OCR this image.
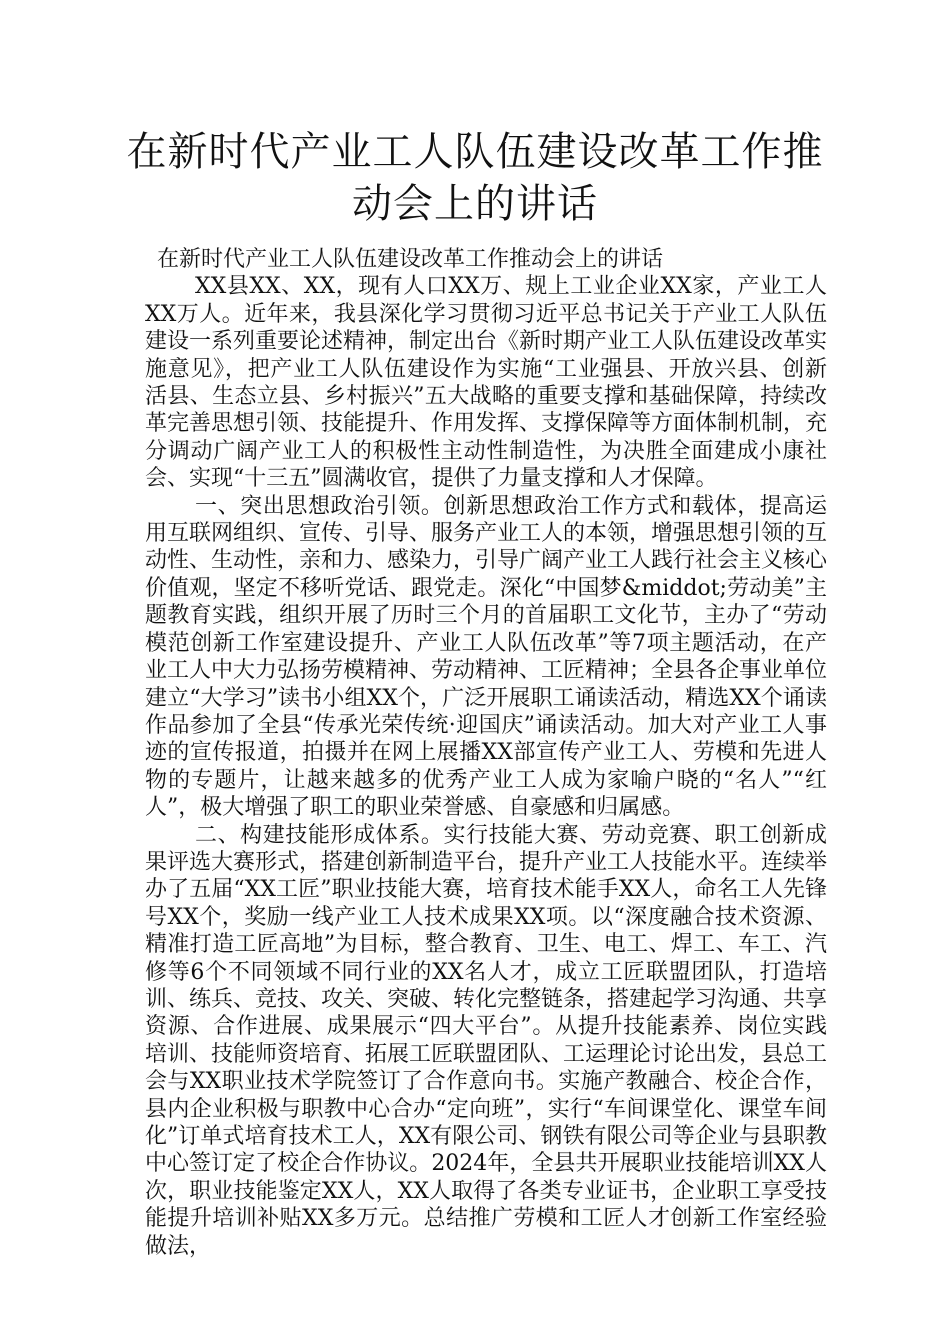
在新时代产业工人队伍建设改革工作推动会上的讲话

在新时代产业工人队伍建设改革工作推动会上的讲话

XX县XX、XX，现有人口XX万、规上工业企业XX家，产业工人XX万人。近年来，我县深化学习贯彻习近平总书记关于产业工人队伍建设一系列重要论述精神，制定出台《新时期产业工人队伍建设改革实施意见》，把产业工人队伍建设作为实施“工业强县、开放兴县、创新活县、生态立县、乡村振兴”五大战略的重要支撑和基础保障，持续改革完善思想引领、技能提升、作用发挥、支撑保障等方面体制机制，充分调动广阔产业工人的积极性主动性制造性，为决胜全面建成小康社会、实现“十三五”圆满收官，提供了力量支撑和人才保障。

一、突出思想政治引领。创新思想政治工作方式和载体，提高运用互联网组织、宣传、引导、服务产业工人的本领，增强思想引领的互动性、生动性，亲和力、感染力，引导广阔产业工人践行社会主义核心价值观，坚定不移听党话、跟党走。深化“中国梦&middot;劳动美”主题教育实践，组织开展了历时三个月的首届职工文化节，主办了“劳动模范创新工作室建设提升、产业工人队伍改革”等7项主题活动，在产业工人中大力弘扬劳模精神、劳动精神、工匠精神；全县各企事业单位建立“大学习”读书小组XX个，广泛开展职工诵读活动，精选XX个诵读作品参加了全县“传承光荣传统·迎国庆”诵读活动。加大对产业工人事迹的宣传报道，拍摄并在网上展播XX部宣传产业工人、劳模和先进人物的专题片，让越来越多的优秀产业工人成为家喻户晓的“名人”“红人”，极大增强了职工的职业荣誉感、自豪感和归属感。

二、构建技能形成体系。实行技能大赛、劳动竞赛、职工创新成果评选大赛形式，搭建创新制造平台，提升产业工人技能水平。连续举办了五届“XX工匠”职业技能大赛，培育技术能手XX人，命名工人先锋号XX个，奖励一线产业工人技术成果XX项。以“深度融合技术资源、精准打造工匠高地”为目标，整合教育、卫生、电工、焊工、车工、汽修等6个不同领域不同行业的XX名人才，成立工匠联盟团队，打造培训、练兵、竞技、攻关、突破、转化完整链条，搭建起学习沟通、共享资源、合作进展、成果展示“四大平台”。从提升技能素养、岗位实践培训、技能师资培育、拓展工匠联盟团队、工运理论讨论出发，县总工会与XX职业技术学院签订了合作意向书。实施产教融合、校企合作，县内企业积极与职教中心合办“定向班”，实行“车间课堂化、课堂车间化”订单式培育技术工人，XX有限公司、钢铁有限公司等企业与县职教中心签订定了校企合作协议。2024年，全县共开展职业技能培训XX人次，职业技能鉴定XX人，XX人取得了各类专业证书，企业职工享受技能提升培训补贴XX多万元。总结推广劳模和工匠人才创新工作室经验做法，
